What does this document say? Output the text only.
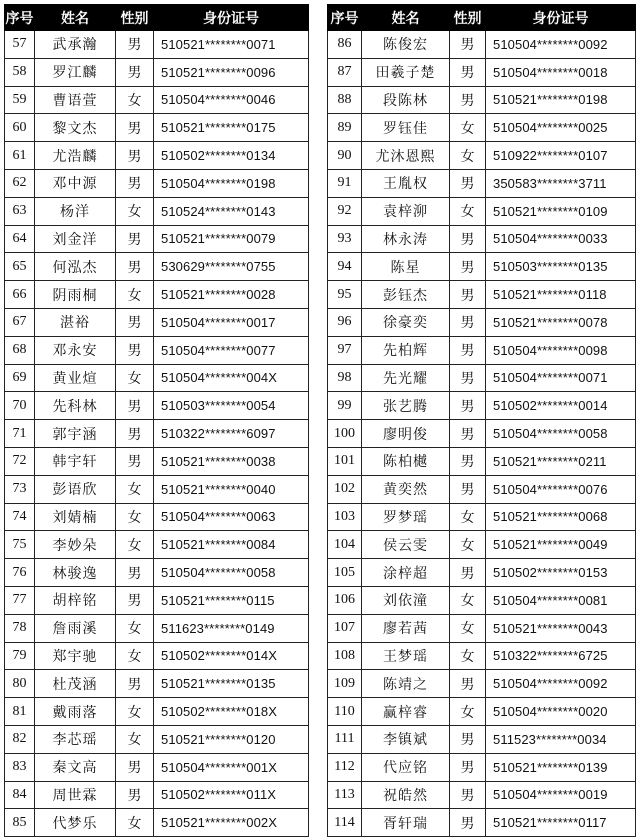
序号	姓名	性别	身份证号
57	武承瀚	男	510521********0071
58	罗江麟	男	510521********0096
59	曹语萱	女	510504********0046
60	黎文杰	男	510521********0175
61	尤浩麟	男	510502********0134
62	邓中源	男	510504********0198
63	杨洋	女	510524********0143
64	刘金洋	男	510521********0079
65	何泓杰	男	530629********0755
66	阴雨桐	女	510521********0028
67	湛裕	男	510504********0017
68	邓永安	男	510504********0077
69	黄业煊	女	510504********004X
70	先科林	男	510503********0054
71	郭宇涵	男	510322********6097
72	韩宇轩	男	510521********0038
73	彭语欣	女	510521********0040
74	刘婧楠	女	510504********0063
75	李妙朵	女	510521********0084
76	林骏逸	男	510504********0058
77	胡梓铭	男	510521********0115
78	詹雨溪	女	511623********0149
79	郑宇驰	女	510502********014X
80	杜茂涵	男	510521********0135
81	戴雨落	女	510502********018X
82	李芯瑶	女	510521********0120
83	秦文高	男	510504********001X
84	周世霖	男	510502********011X
85	代梦乐	女	510521********002X
序号	姓名	性别	身份证号
86	陈俊宏	男	510504********0092
87	田羲子楚	男	510504********0018
88	段陈林	男	510521********0198
89	罗钰佳	女	510504********0025
90	尤沐恩熙	女	510922********0107
91	王胤权	男	350583********3711
92	袁梓泖	女	510521********0109
93	林永涛	男	510504********0033
94	陈星	男	510503********0135
95	彭钰杰	男	510521********0118
96	徐豪奕	男	510521********0078
97	先柏辉	男	510504********0098
98	先光耀	男	510504********0071
99	张艺腾	男	510502********0014
100	廖明俊	男	510504********0058
101	陈柏樾	男	510521********0211
102	黄奕然	男	510504********0076
103	罗梦瑶	女	510521********0068
104	侯云雯	女	510521********0049
105	涂梓超	男	510502********0153
106	刘依潼	女	510504********0081
107	廖若茜	女	510521********0043
108	王梦瑶	女	510322********6725
109	陈靖之	男	510504********0092
110	赢梓睿	女	510504********0020
111	李镇斌	男	511523********0034
112	代应铭	男	510521********0139
113	祝皓然	男	510504********0019
114	胥轩瑞	男	510521********0117
